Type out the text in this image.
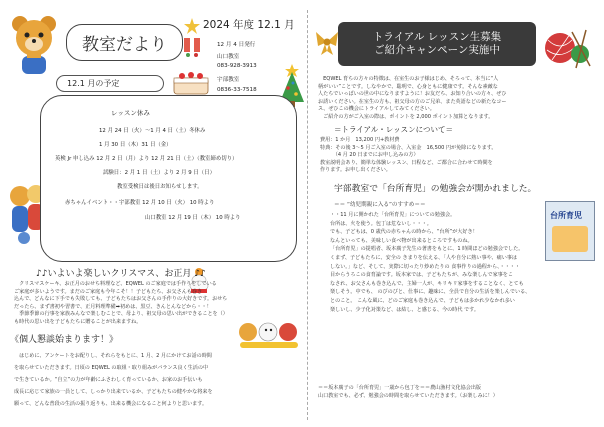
教室だより
2024 年度 12.1 月
12 月 4 日発行
山口教室
083-928-3913
宇部教室
0836-33-7518
12.1 月の予定
レッスン休み
12 月 24 日（火）～1 月 4 日（土）冬休み
1 月 30 日（木）31 日（金）
英検 Jr 申し込み 12 月 2 日（月）より 12 月 21 日（土）（教室締め切り）
試験日：2 月 1 日（土）より 2 月 9 日（日）
教室受検日は後日お知らせします。
赤ちゃんイベント・・宇部教室 12 月 10 日（火） 10 時より
山口教室 12 月 19 日（木） 10 時より
♪♪いよいよ楽しいクリスマス、お正月 ♪♪

　クリスマスケーキ、お正月のおせち料理など、EQWEL のご家庭では手作りをしている

ご家庭が多いようです。まだのご家庭も今年こそ！！子どもたち、お父さんも巻き

込んで、どんなに下手でも失敗しても、子どもたちはお父さんの手作りの大好きです。おせち

だったら、まず書初や習書で、正月料理準備➡初めは、黒豆、きんとんなどから・・！

　季節季節の行事を家族みんなで楽しむことで、母より、祖父母の思い出ができることを（）

も時代の思い出を子どもたちに贈ることが出来ますね。

《個人懇談始まります！》

　はじめに、アンケートをお配りし、それらをもとに、1 月、2 月にかけてお話の時間

を取らせていただきます。日頃の EQWEL の取組・取り組みがバランス良く生活の中

で生きているか。“自立”の力が年齢にふさわしく育っているか、お家のお手伝いも

成長に応じて家族の一員として、しっかり出来ているか、子どもたちの健やかな将来を

願って、どんな普段の生活の振り返りも、出来る機会になること何よりと思います。

トライアル レッスン生募集
ご紹介キャンペーン実施中

　EQWEL 育ちの方々の特徴は、在室生のお子様はじめ、そろって、本当に“人

柄がいい”ことです。しなやかで、聡明で、心身ともに健康です。そんな素敵な

人たちでいっぱいの世の中になりますように！お友だち、お知り合いの方々、ぜひ

お誘いください。在室生の方も、祖父母の方のご兄弟、また英語などの新たなコー

ス、ぜひこの機会にトライアルしてみてください。

　ご紹介の方がご入室の際は、ポイントを 2,000 ポイント加算となります。

＝トライアル・レッスンについて＝

費用：1 か月　13,200 円+教材費

特典：その後 3～5 月ご入室の場合、入室金　16,500 円が免除になります。

　　　（4 月 20 日までにお申し込みの方）

教室説明会あり、簡単な体験レッスン、日程など、ご都合に合わせて時間を

作ります。お申し出ください。

宇部教室で「台所育児」の勉強会が開かれました。
＝＝ “幼児期親に入る”のすすめ＝＝

・・11 月に開かれた「台所育児」についての勉強会。

台所は、火を使う。包丁は危ないし・・・。

でも、子どもは、0 歳代の赤ちゃんの時から、“台所”が大好き！

なんといっても、美味しい食べ物が出来るところですものね。

「台所育児」の提唱者、坂本廣子先生の著書をもとに、1 時間ほどの勉強会でした。

くまず、子どもたちに、安全の きまりを伝える、「人や自分に熱い事や、痛い事は

しない。」など、そして、実際に切ったり炒めたりの 食事作りの過程から、・・・・

目からうろこの食育論です。坂本家では、子どもたちが、みな楽しんで家事をこ

なされ、お父さんも巻き込んで、主婦一人が、キリキリ家事をすることなく、とても

楽しそう。中でも、 のびのびと、仕事に、趣味に、全員で自分の生活を楽しんでいる、

とのこと。 こんな風に、どのご家庭も巻き込んで、子どもは多かれ少なかれ多い

楽しいし、少子化対策など、は結し、と感じる、今の時代 です。

台所育児

＝＝坂本廣子の「台所育児」一歳から包丁を＝＝農山漁村文化協会出版

山口教室でも、必ず、勉強会の時間を取らせていただきます。（お楽しみに！）
